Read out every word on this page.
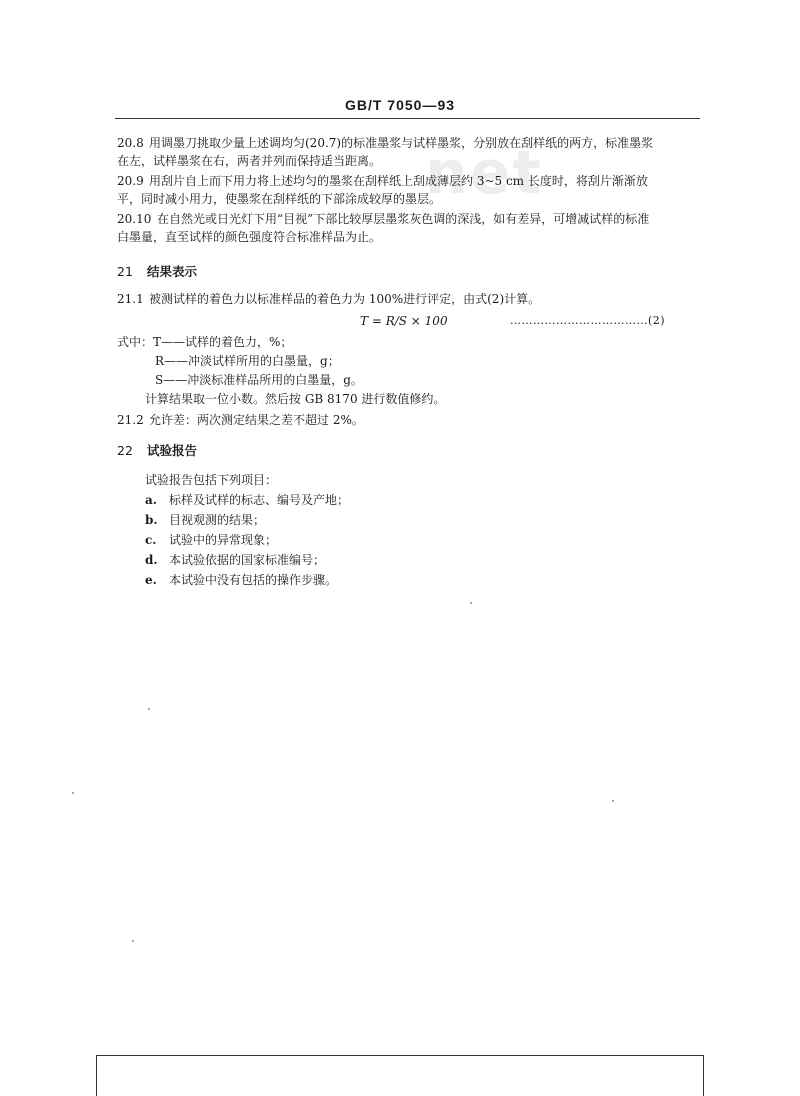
net
GB/T 7050—93
20.8 用调墨刀挑取少量上述调均匀(20.7)的标准墨浆与试样墨浆，分别放在刮样纸的两方，标准墨浆
在左，试样墨浆在右，两者并列而保持适当距离。
20.9 用刮片自上而下用力将上述均匀的墨浆在刮样纸上刮成薄层约 3~5 cm 长度时，将刮片渐渐放
平，同时减小用力，使墨浆在刮样纸的下部涂成较厚的墨层。
20.10 在自然光或日光灯下用“目视”下部比较厚层墨浆灰色调的深浅，如有差异，可增减试样的标准
白墨量，直至试样的颜色强度符合标准样品为止。
21 结果表示
21.1 被测试样的着色力以标准样品的着色力为 100%进行评定，由式(2)计算。
T = R/S × 100	………………………………(2)
式中：T——试样的着色力，%；
R——冲淡试样所用的白墨量，g；
S——冲淡标准样品所用的白墨量，g。
计算结果取一位小数。然后按 GB 8170 进行数值修约。
21.2 允许差：两次测定结果之差不超过 2%。
22 试验报告
试验报告包括下列项目：
a. 标样及试样的标志、编号及产地；
b. 目视观测的结果；
c. 试验中的异常现象；
d. 本试验依据的国家标准编号；
e. 本试验中没有包括的操作步骤。
